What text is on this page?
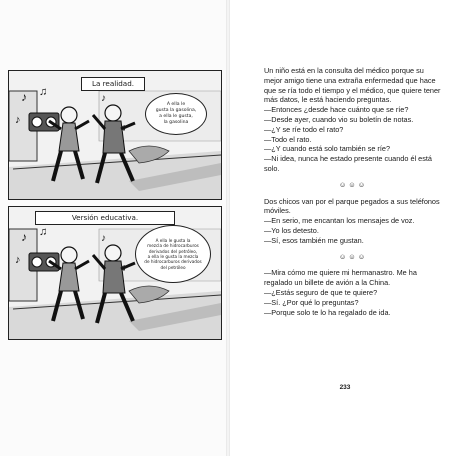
♪ ♫
♪
♪
La realidad.
A ella le
gusta la gasolina,
a ella le gusta,
la gasolina
♪ ♫
♪
♪
Versión educativa.
A ella le gusta la
mezcla de hidrocarburos
derivados del petróleo,
a ella le gusta la mezcla
de hidrocarburos derivados
del petróleo

Un niño está en la consulta del médico porque su mejor amigo tiene una extraña enfermedad que hace que se ría todo el tiempo y el médico, que quiere tener más datos, le está haciendo preguntas.

—Entonces ¿desde hace cuánto que se ríe?

—Desde ayer, cuando vio su boletín de notas.

—¿Y se ríe todo el rato?

—Todo el rato.

—¿Y cuando está solo también se ríe?

—Ni idea, nunca he estado presente cuando él está solo.

☺☺☺

Dos chicos van por el parque pegados a sus teléfonos móviles.

—En serio, me encantan los mensajes de voz.

—Yo los detesto.

—Sí, esos también me gustan.

☺☺☺

—Mira cómo me quiere mi hermanastro. Me ha regalado un billete de avión a la China.

—¿Estás seguro de que te quiere?

—Sí. ¿Por qué lo preguntas?

—Porque solo te lo ha regalado de ida.

233
